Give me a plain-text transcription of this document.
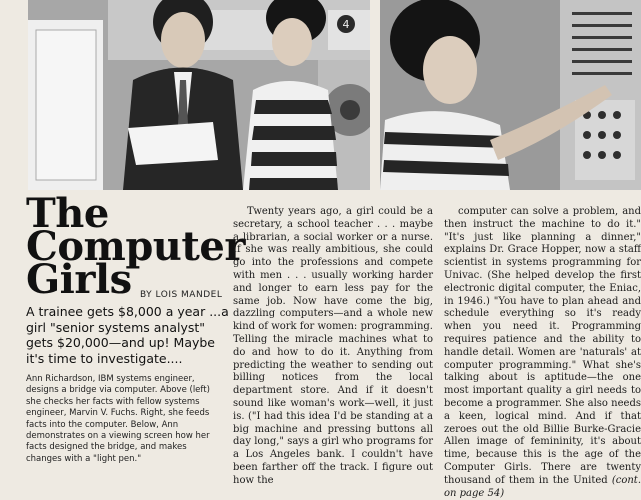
4
The Computer Girls BY LOIS MANDEL

A trainee gets $8,000 a year ...a girl "senior systems analyst" gets $20,000—and up! Maybe it's time to investigate....

Ann Richardson, IBM systems engineer, designs a bridge via computer. Above (left) she checks her facts with fellow systems engineer, Marvin V. Fuchs. Right, she feeds facts into the computer. Below, Ann demonstrates on a viewing screen how her facts designed the bridge, and makes changes with a "light pen."

Twenty years ago, a girl could be a secretary, a school teacher . . . maybe a librarian, a social worker or a nurse. If she was really ambitious, she could go into the professions and compete with men . . . usually working harder and longer to earn less pay for the same job. Now have come the big, dazzling computers—and a whole new kind of work for women: programming. Telling the miracle machines what to do and how to do it. Anything from predicting the weather to sending out billing notices from the local department store. And if it doesn't sound like woman's work—well, it just is. ("I had this idea I'd be standing at a big machine and pressing buttons all day long," says a girl who programs for a Los Angeles bank. I couldn't have been farther off the track. I figure out how the

computer can solve a problem, and then instruct the machine to do it." "It's just like planning a dinner," explains Dr. Grace Hopper, now a staff scientist in systems programming for Univac. (She helped develop the first electronic digital computer, the Eniac, in 1946.) "You have to plan ahead and schedule everything so it's ready when you need it. Programming requires patience and the ability to handle detail. Women are 'naturals' at computer programming." What she's talking about is aptitude—the one most important quality a girl needs to become a programmer. She also needs a keen, logical mind. And if that zeroes out the old Billie Burke-Gracie Allen image of femininity, it's about time, because this is the age of the Computer Girls. There are twenty thousand of them in the United (cont. on page 54)
